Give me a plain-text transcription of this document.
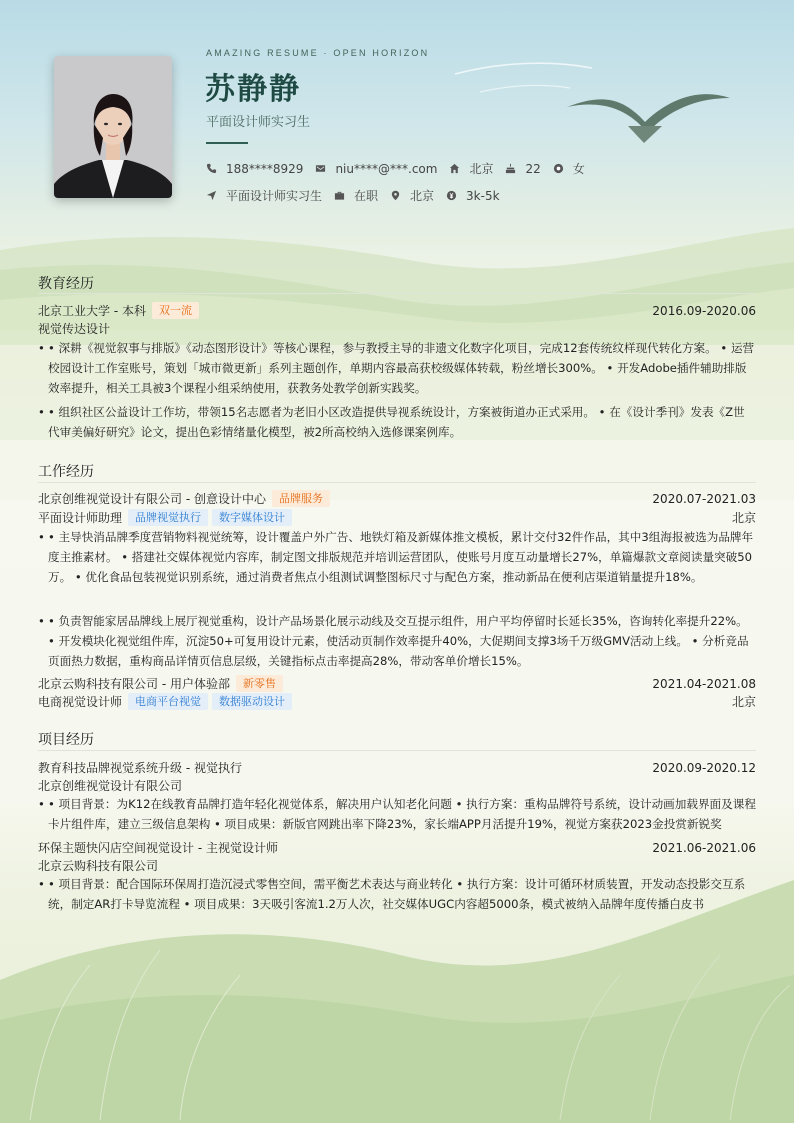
AMAZING RESUME · OPEN HORIZON
苏静静
平面设计师实习生
188****8929	niu****@***.com	北京	22	女
平面设计师实习生	在职	北京	3k-5k
教育经历
北京工业大学 - 本科	双一流	2016.09-2020.06
视觉传达设计
• • 深耕《视觉叙事与排版》《动态图形设计》等核心课程，参与教授主导的非遗文化数字化项目，完成12套传统纹样现代转化方案。 • 运营校园设计工作室账号，策划「城市微更新」系列主题创作，单期内容最高获校级媒体转载，粉丝增长300%。 • 开发Adobe插件辅助排版效率提升，相关工具被3个课程小组采纳使用，获教务处教学创新实践奖。
• • 组织社区公益设计工作坊，带领15名志愿者为老旧小区改造提供导视系统设计，方案被街道办正式采用。 • 在《设计季刊》发表《Z世代审美偏好研究》论文，提出色彩情绪量化模型，被2所高校纳入选修课案例库。
工作经历
北京创维视觉设计有限公司 - 创意设计中心	品牌服务	2020.07-2021.03
平面设计师助理	品牌视觉执行	数字媒体设计	北京
• • 主导快消品牌季度营销物料视觉统筹，设计覆盖户外广告、地铁灯箱及新媒体推文模板，累计交付32件作品，其中3组海报被选为品牌年度主推素材。 • 搭建社交媒体视觉内容库，制定图文排版规范并培训运营团队，使账号月度互动量增长27%，单篇爆款文章阅读量突破50万。 • 优化食品包装视觉识别系统，通过消费者焦点小组测试调整图标尺寸与配色方案，推动新品在便利店渠道销量提升18%。
• • 负责智能家居品牌线上展厅视觉重构，设计产品场景化展示动线及交互提示组件，用户平均停留时长延长35%，咨询转化率提升22%。 • 开发模块化视觉组件库，沉淀50+可复用设计元素，使活动页制作效率提升40%，大促期间支撑3场千万级GMV活动上线。 • 分析竞品页面热力数据，重构商品详情页信息层级，关键指标点击率提高28%，带动客单价增长15%。
北京云购科技有限公司 - 用户体验部	新零售	2021.04-2021.08
电商视觉设计师	电商平台视觉	数据驱动设计	北京
项目经历
教育科技品牌视觉系统升级 - 视觉执行	2020.09-2020.12
北京创维视觉设计有限公司
• • 项目背景：为K12在线教育品牌打造年轻化视觉体系，解决用户认知老化问题 • 执行方案：重构品牌符号系统，设计动画加载界面及课程卡片组件库，建立三级信息架构 • 项目成果：新版官网跳出率下降23%，家长端APP月活提升19%，视觉方案获2023金投赏新锐奖
环保主题快闪店空间视觉设计 - 主视觉设计师	2021.06-2021.06
北京云购科技有限公司
• • 项目背景：配合国际环保周打造沉浸式零售空间，需平衡艺术表达与商业转化 • 执行方案：设计可循环材质装置，开发动态投影交互系统，制定AR打卡导览流程 • 项目成果：3天吸引客流1.2万人次，社交媒体UGC内容超5000条，模式被纳入品牌年度传播白皮书
